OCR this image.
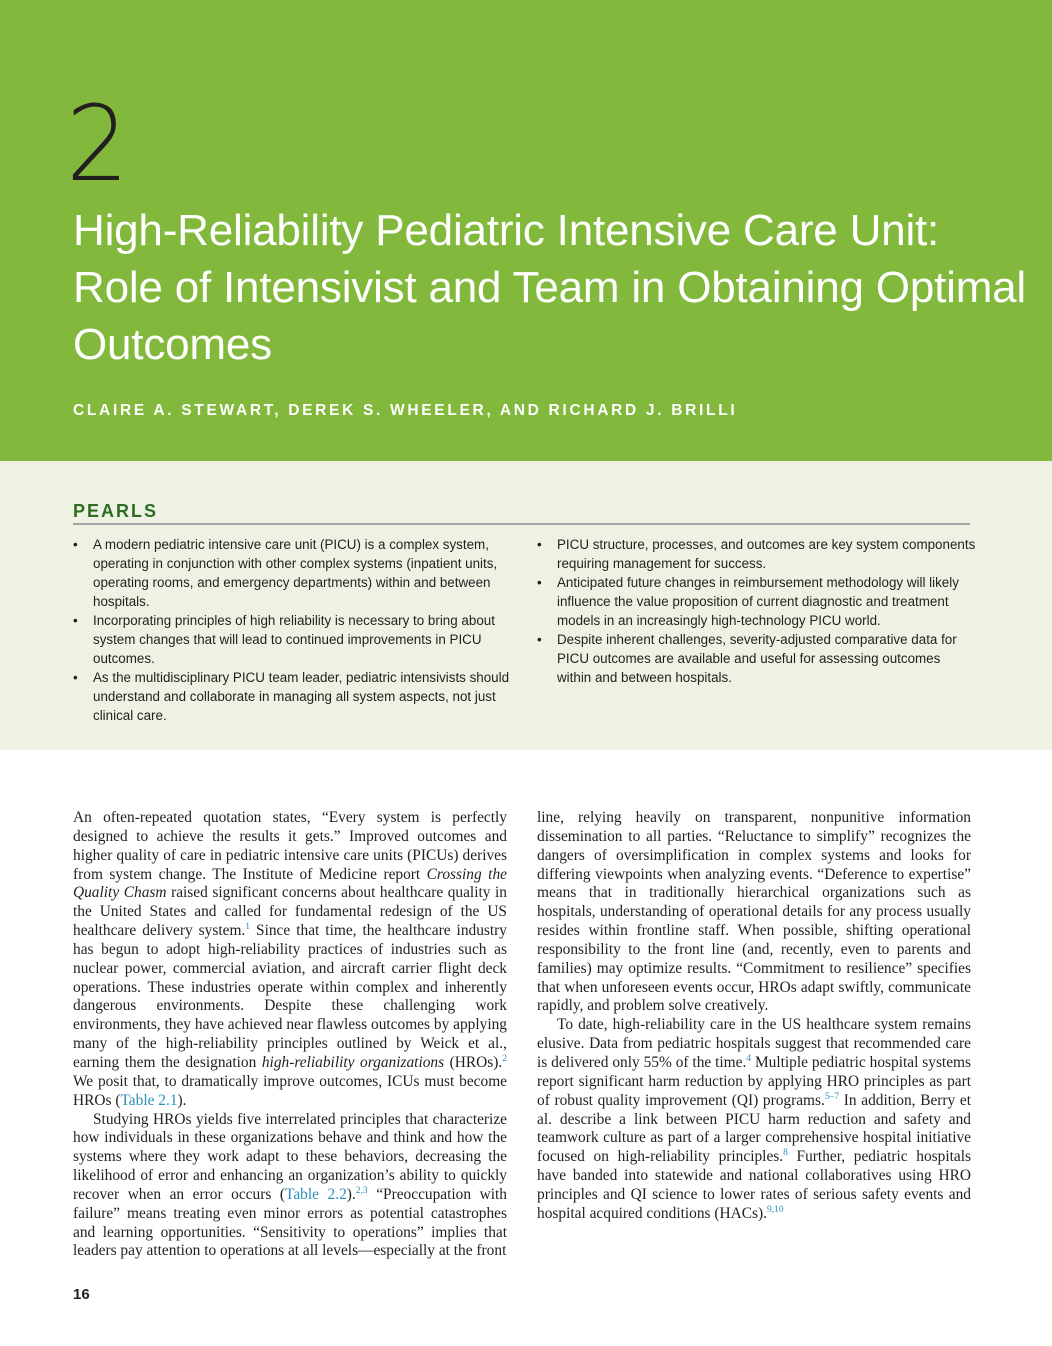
2
High-Reliability Pediatric Intensive Care Unit: Role of Intensivist and Team in Obtaining Optimal Outcomes

CLAIRE A. STEWART, DEREK S. WHEELER, AND RICHARD J. BRILLI

PEARLS
• A modern pediatric intensive care unit (PICU) is a complex system, operating in conjunction with other complex systems (inpatient units, operating rooms, and emergency departments) within and between hospitals.
• Incorporating principles of high reliability is necessary to bring about system changes that will lead to continued improvements in PICU outcomes.
• As the multidisciplinary PICU team leader, pediatric intensivists should understand and collaborate in managing all system aspects, not just clinical care.
• PICU structure, processes, and outcomes are key system components requiring management for success.
• Anticipated future changes in reimbursement methodology will likely influence the value proposition of current diagnostic and treatment models in an increasingly high-technology PICU world.
• Despite inherent challenges, severity-adjusted comparative data for PICU outcomes are available and useful for assessing outcomes within and between hospitals.

An often-repeated quotation states, “Every system is perfectly designed to achieve the results it gets.” Improved outcomes and higher quality of care in pediatric intensive care units (PICUs) derives from system change. The Institute of Medicine report Crossing the Quality Chasm raised significant concerns about healthcare quality in the United States and called for fundamental redesign of the US healthcare delivery system.$^1$ Since that time, the healthcare industry has begun to adopt high-reliability practices of industries such as nuclear power, commercial aviation, and aircraft carrier flight deck operations. These industries operate within complex and inherently dangerous environments. Despite these challenging work environments, they have achieved near flawless outcomes by applying many of the high-reliability principles outlined by Weick et al., earning them the designation high-reliability organizations (HROs).$^2$ We posit that, to dramatically improve outcomes, ICUs must become HROs (Table 2.1).

Studying HROs yields five interrelated principles that characterize how individuals in these organizations behave and think and how the systems where they work adapt to these behaviors, decreasing the likelihood of error and enhancing an organization’s ability to quickly recover when an error occurs (Table 2.2).$^{2,3}$ “Preoccupation with failure” means treating even minor errors as potential catastrophes and learning opportunities. “Sensitivity to operations” implies that leaders pay attention to operations at all levels—especially at the front

line, relying heavily on transparent, nonpunitive information dissemination to all parties. “Reluctance to simplify” recognizes the dangers of oversimplification in complex systems and looks for differing viewpoints when analyzing events. “Deference to expertise” means that in traditionally hierarchical organizations such as hospitals, understanding of operational details for any process usually resides within frontline staff. When possible, shifting operational responsibility to the front line (and, recently, even to parents and families) may optimize results. “Commitment to resilience” specifies that when unforeseen events occur, HROs adapt swiftly, communicate rapidly, and problem solve creatively.

To date, high-reliability care in the US healthcare system remains elusive. Data from pediatric hospitals suggest that recommended care is delivered only 55% of the time.$^4$ Multiple pediatric hospital systems report significant harm reduction by applying HRO principles as part of robust quality improvement (QI) programs.$^{5-7}$ In addition, Berry et al. describe a link between PICU harm reduction and safety and teamwork culture as part of a larger comprehensive hospital initiative focused on high-reliability principles.$^8$ Further, pediatric hospitals have banded into statewide and national collaboratives using HRO principles and QI science to lower rates of serious safety events and hospital acquired conditions (HACs).$^{9,10}$

16
